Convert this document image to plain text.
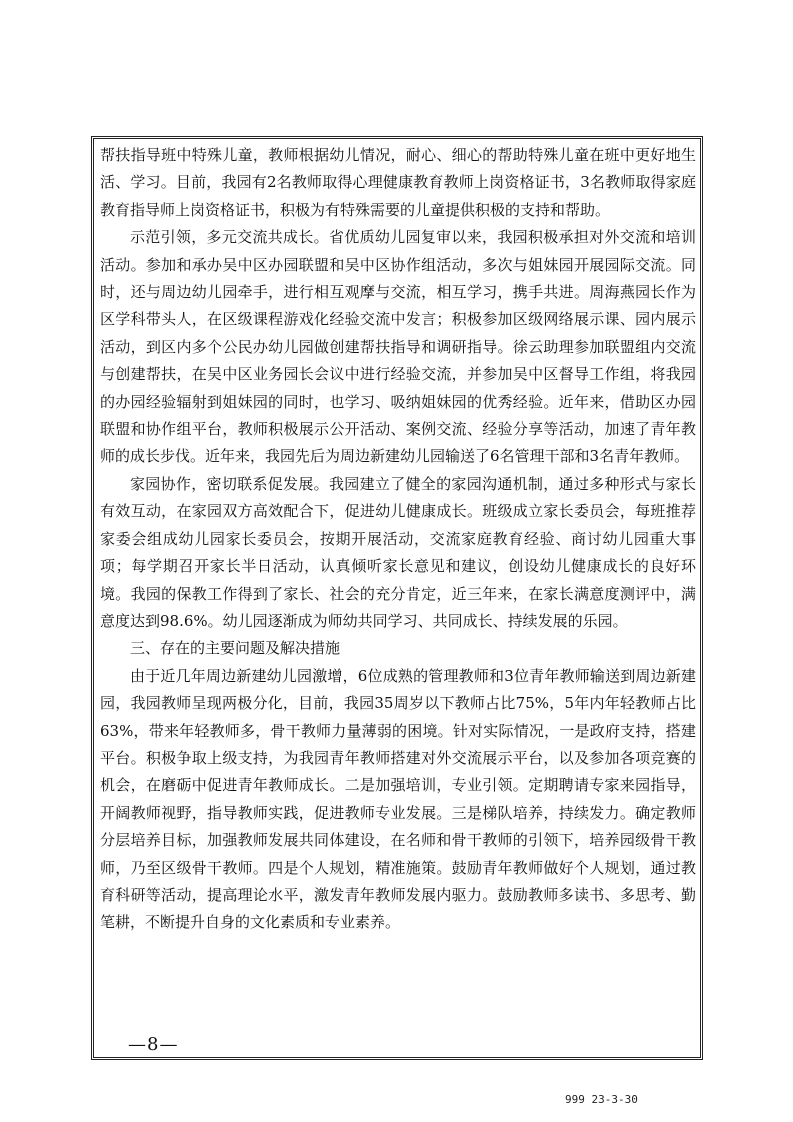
帮扶指导班中特殊儿童，教师根据幼儿情况，耐心、细心的帮助特殊儿童在班中更好地生活、学习。目前，我园有2名教师取得心理健康教育教师上岗资格证书，3名教师取得家庭教育指导师上岗资格证书，积极为有特殊需要的儿童提供积极的支持和帮助。

示范引领，多元交流共成长。省优质幼儿园复审以来，我园积极承担对外交流和培训活动。参加和承办吴中区办园联盟和吴中区协作组活动，多次与姐妹园开展园际交流。同时，还与周边幼儿园牵手，进行相互观摩与交流，相互学习，携手共进。周海燕园长作为区学科带头人，在区级课程游戏化经验交流中发言；积极参加区级网络展示课、园内展示活动，到区内多个公民办幼儿园做创建帮扶指导和调研指导。徐云助理参加联盟组内交流与创建帮扶，在吴中区业务园长会议中进行经验交流，并参加吴中区督导工作组，将我园的办园经验辐射到姐妹园的同时，也学习、吸纳姐妹园的优秀经验。近年来，借助区办园联盟和协作组平台，教师积极展示公开活动、案例交流、经验分享等活动，加速了青年教师的成长步伐。近年来，我园先后为周边新建幼儿园输送了6名管理干部和3名青年教师。

家园协作，密切联系促发展。我园建立了健全的家园沟通机制，通过多种形式与家长有效互动，在家园双方高效配合下，促进幼儿健康成长。班级成立家长委员会，每班推荐家委会组成幼儿园家长委员会，按期开展活动，交流家庭教育经验、商讨幼儿园重大事项；每学期召开家长半日活动，认真倾听家长意见和建议，创设幼儿健康成长的良好环境。我园的保教工作得到了家长、社会的充分肯定，近三年来，在家长满意度测评中，满意度达到98.6%。幼儿园逐渐成为师幼共同学习、共同成长、持续发展的乐园。

三、存在的主要问题及解决措施

由于近几年周边新建幼儿园激增，6位成熟的管理教师和3位青年教师输送到周边新建园，我园教师呈现两极分化，目前，我园35周岁以下教师占比75%，5年内年轻教师占比63%，带来年轻教师多，骨干教师力量薄弱的困境。针对实际情况，一是政府支持，搭建平台。积极争取上级支持，为我园青年教师搭建对外交流展示平台，以及参加各项竞赛的机会，在磨砺中促进青年教师成长。二是加强培训，专业引领。定期聘请专家来园指导，开阔教师视野，指导教师实践，促进教师专业发展。三是梯队培养，持续发力。确定教师分层培养目标，加强教师发展共同体建设，在名师和骨干教师的引领下，培养园级骨干教师，乃至区级骨干教师。四是个人规划，精准施策。鼓励青年教师做好个人规划，通过教育科研等活动，提高理论水平，激发青年教师发展内驱力。鼓励教师多读书、多思考、勤笔耕，不断提升自身的文化素质和专业素养。

—8—
999 23-3-30
